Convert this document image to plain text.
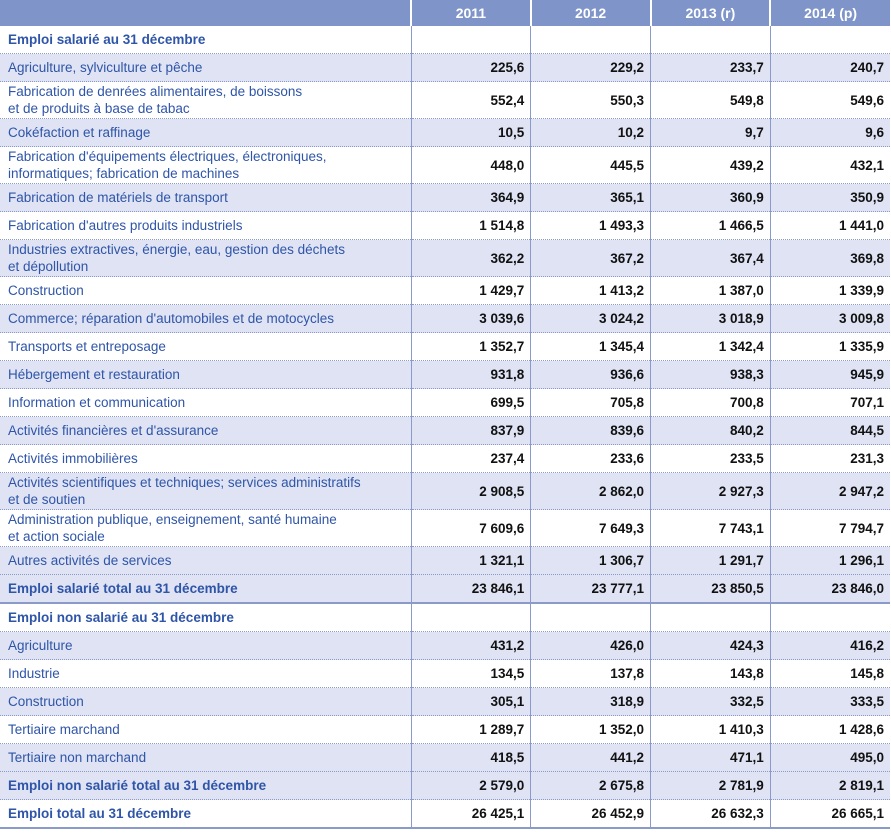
	2011	2012	2013 (r)	2014 (p)
Emploi salarié au 31 décembre				
Agriculture, sylviculture et pêche	225,6	229,2	233,7	240,7
Fabrication de denrées alimentaires, de boissons
et de produits à base de tabac	552,4	550,3	549,8	549,6
Cokéfaction et raffinage	10,5	10,2	9,7	9,6
Fabrication d'équipements électriques, électroniques,
informatiques; fabrication de machines	448,0	445,5	439,2	432,1
Fabrication de matériels de transport	364,9	365,1	360,9	350,9
Fabrication d'autres produits industriels	1 514,8	1 493,3	1 466,5	1 441,0
Industries extractives, énergie, eau, gestion des déchets
et dépollution	362,2	367,2	367,4	369,8
Construction	1 429,7	1 413,2	1 387,0	1 339,9
Commerce; réparation d'automobiles et de motocycles	3 039,6	3 024,2	3 018,9	3 009,8
Transports et entreposage	1 352,7	1 345,4	1 342,4	1 335,9
Hébergement et restauration	931,8	936,6	938,3	945,9
Information et communication	699,5	705,8	700,8	707,1
Activités financières et d'assurance	837,9	839,6	840,2	844,5
Activités immobilières	237,4	233,6	233,5	231,3
Activités scientifiques et techniques; services administratifs
et de soutien	2 908,5	2 862,0	2 927,3	2 947,2
Administration publique, enseignement, santé humaine
et action sociale	7 609,6	7 649,3	7 743,1	7 794,7
Autres activités de services	1 321,1	1 306,7	1 291,7	1 296,1
Emploi salarié total au 31 décembre	23 846,1	23 777,1	23 850,5	23 846,0
Emploi non salarié au 31 décembre				
Agriculture	431,2	426,0	424,3	416,2
Industrie	134,5	137,8	143,8	145,8
Construction	305,1	318,9	332,5	333,5
Tertiaire marchand	1 289,7	1 352,0	1 410,3	1 428,6
Tertiaire non marchand	418,5	441,2	471,1	495,0
Emploi non salarié total au 31 décembre	2 579,0	2 675,8	2 781,9	2 819,1
Emploi total au 31 décembre	26 425,1	26 452,9	26 632,3	26 665,1
